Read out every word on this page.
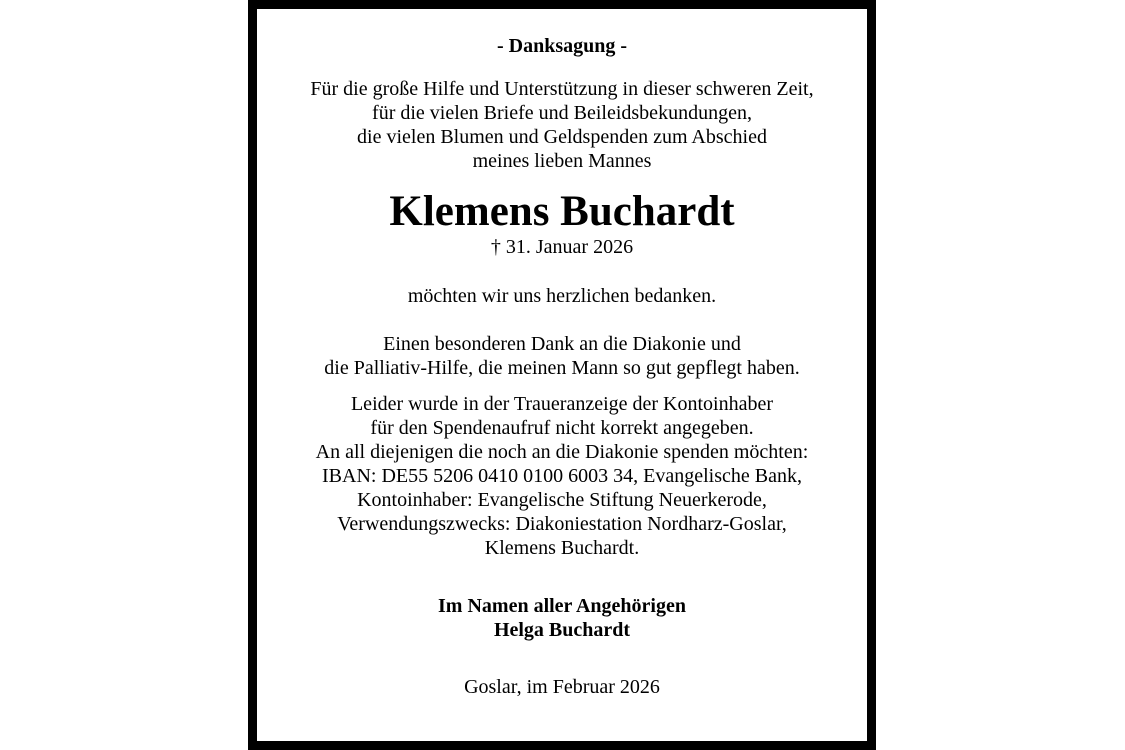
- Danksagung -
Für die große Hilfe und Unterstützung in dieser schweren Zeit,
für die vielen Briefe und Beileidsbekundungen,
die vielen Blumen und Geldspenden zum Abschied
meines lieben Mannes
Klemens Buchardt
† 31. Januar 2026
möchten wir uns herzlichen bedanken.
Einen besonderen Dank an die Diakonie und
die Palliativ-Hilfe, die meinen Mann so gut gepflegt haben.
Leider wurde in der Traueranzeige der Kontoinhaber
für den Spendenaufruf nicht korrekt angegeben.
An all diejenigen die noch an die Diakonie spenden möchten:
IBAN: DE55 5206 0410 0100 6003 34, Evangelische Bank,
Kontoinhaber: Evangelische Stiftung Neuerkerode,
Verwendungszwecks: Diakoniestation Nordharz-Goslar,
Klemens Buchardt.
Im Namen aller Angehörigen
Helga Buchardt
Goslar, im Februar 2026
